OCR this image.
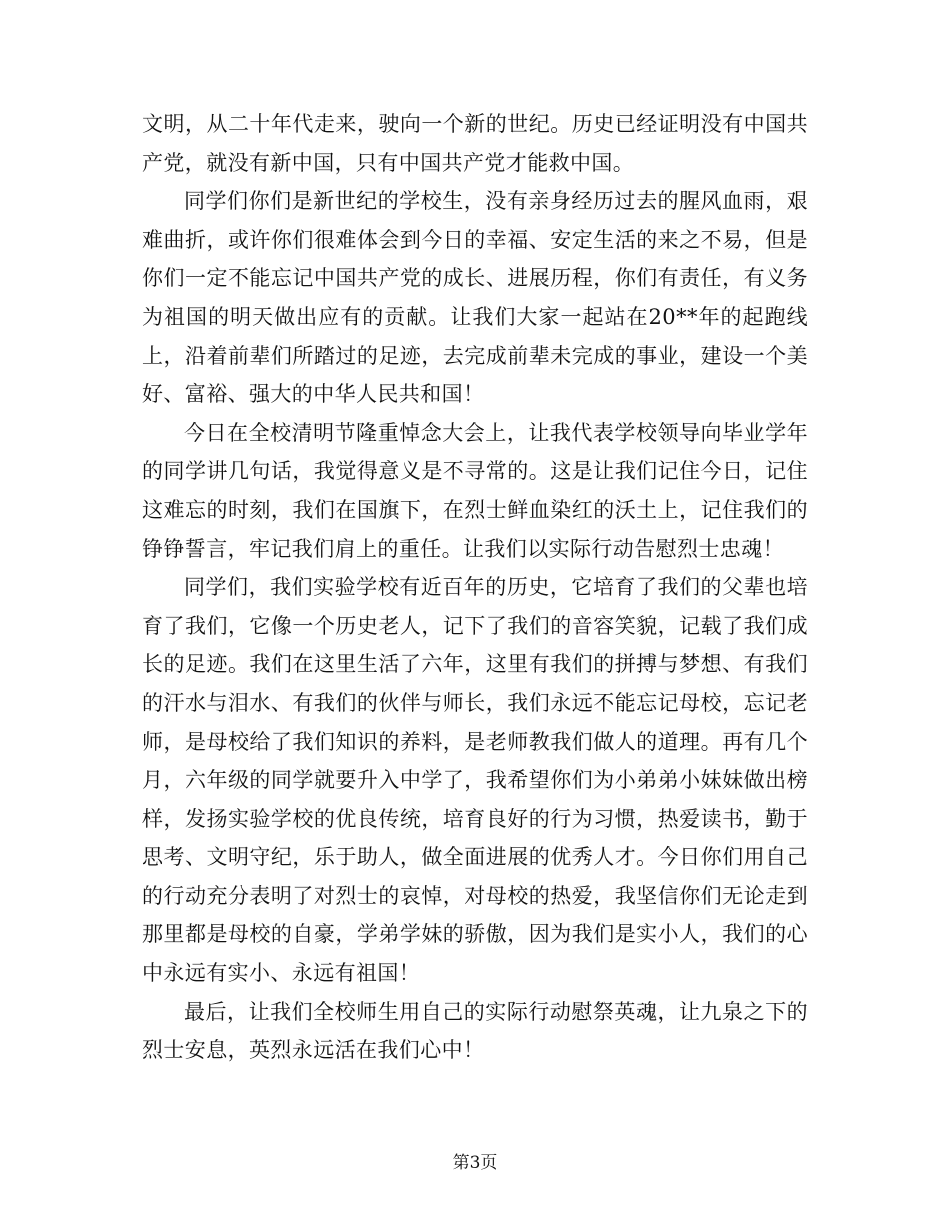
文明，从二十年代走来，驶向一个新的世纪。历史已经证明没有中国共产党，就没有新中国，只有中国共产党才能救中国。

同学们你们是新世纪的学校生，没有亲身经历过去的腥风血雨，艰难曲折，或许你们很难体会到今日的幸福、安定生活的来之不易，但是你们一定不能忘记中国共产党的成长、进展历程，你们有责任，有义务为祖国的明天做出应有的贡献。让我们大家一起站在20**年的起跑线上，沿着前辈们所踏过的足迹，去完成前辈未完成的事业，建设一个美好、富裕、强大的中华人民共和国！

今日在全校清明节隆重悼念大会上，让我代表学校领导向毕业学年的同学讲几句话，我觉得意义是不寻常的。这是让我们记住今日，记住这难忘的时刻，我们在国旗下，在烈士鲜血染红的沃土上，记住我们的铮铮誓言，牢记我们肩上的重任。让我们以实际行动告慰烈士忠魂！

同学们，我们实验学校有近百年的历史，它培育了我们的父辈也培育了我们，它像一个历史老人，记下了我们的音容笑貌，记载了我们成长的足迹。我们在这里生活了六年，这里有我们的拼搏与梦想、有我们的汗水与泪水、有我们的伙伴与师长，我们永远不能忘记母校，忘记老师，是母校给了我们知识的养料，是老师教我们做人的道理。再有几个月，六年级的同学就要升入中学了，我希望你们为小弟弟小妹妹做出榜样，发扬实验学校的优良传统，培育良好的行为习惯，热爱读书，勤于思考、文明守纪，乐于助人，做全面进展的优秀人才。今日你们用自己的行动充分表明了对烈士的哀悼，对母校的热爱，我坚信你们无论走到那里都是母校的自豪，学弟学妹的骄傲，因为我们是实小人，我们的心中永远有实小、永远有祖国！

最后，让我们全校师生用自己的实际行动慰祭英魂，让九泉之下的烈士安息，英烈永远活在我们心中！

第3页
